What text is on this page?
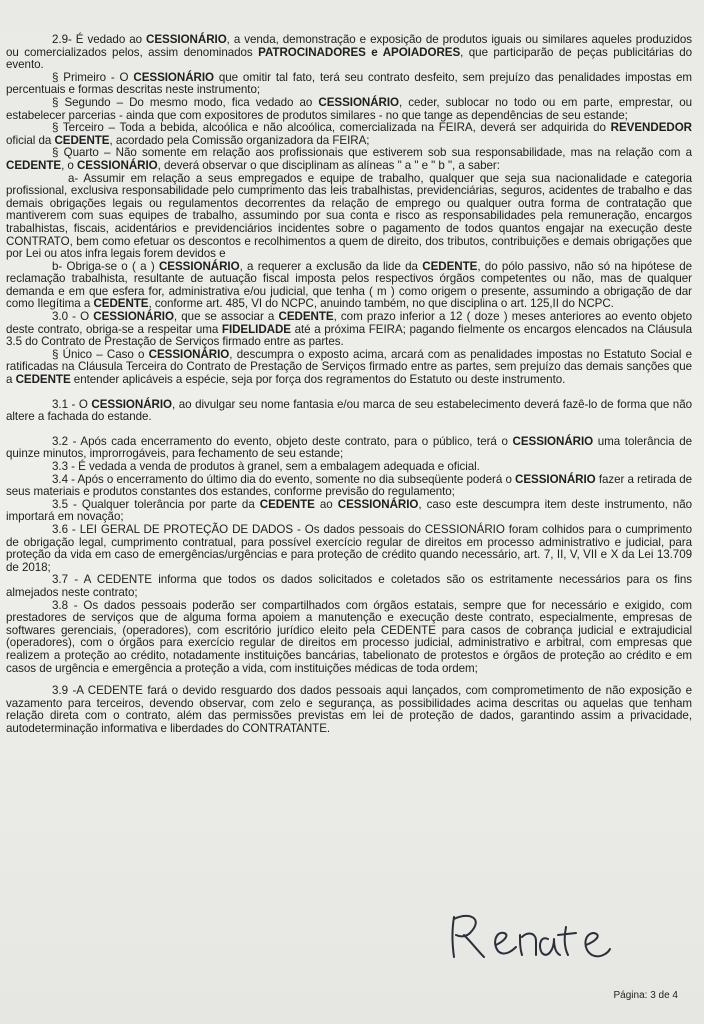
2.9- É vedado ao CESSIONÁRIO, a venda, demonstração e exposição de produtos iguais ou similares aqueles produzidos ou comercializados pelos, assim denominados PATROCINADORES e APOIADORES, que participarão de peças publicitárias do evento.

§ Primeiro - O CESSIONÁRIO que omitir tal fato, terá seu contrato desfeito, sem prejuízo das penalidades impostas em percentuais e formas descritas neste instrumento;

§ Segundo – Do mesmo modo, fica vedado ao CESSIONÁRIO, ceder, sublocar no todo ou em parte, emprestar, ou estabelecer parcerias - ainda que com expositores de produtos similares - no que tange as dependências de seu estande;

§ Terceiro – Toda a bebida, alcoólica e não alcoólica, comercializada na FEIRA, deverá ser adquirida do REVENDEDOR oficial da CEDENTE, acordado pela Comissão organizadora da FEIRA;

§ Quarto – Não somente em relação aos profissionais que estiverem sob sua responsabilidade, mas na relação com a CEDENTE, o CESSIONÁRIO, deverá observar o que disciplinam as alíneas " a " e " b ", a saber:

a- Assumir em relação a seus empregados e equipe de trabalho, qualquer que seja sua nacionalidade e categoria profissional, exclusiva responsabilidade pelo cumprimento das leis trabalhistas, previdenciárias, seguros, acidentes de trabalho e das demais obrigações legais ou regulamentos decorrentes da relação de emprego ou qualquer outra forma de contratação que mantiverem com suas equipes de trabalho, assumindo por sua conta e risco as responsabilidades pela remuneração, encargos trabalhistas, fiscais, acidentários e previdenciários incidentes sobre o pagamento de todos quantos engajar na execução deste CONTRATO, bem como efetuar os descontos e recolhimentos a quem de direito, dos tributos, contribuições e demais obrigações que por Lei ou atos infra legais forem devidos e

b- Obriga-se o ( a ) CESSIONÁRIO, a requerer a exclusão da lide da CEDENTE, do pólo passivo, não só na hipótese de reclamação trabalhista, resultante de autuação fiscal imposta pelos respectivos órgãos competentes ou não, mas de qualquer demanda e em que esfera for, administrativa e/ou judicial, que tenha ( m ) como origem o presente, assumindo a obrigação de dar como Ilegítima a CEDENTE, conforme art. 485, VI do NCPC, anuindo também, no que disciplina o art. 125,II do NCPC.

3.0 - O CESSIONÁRIO, que se associar a CEDENTE, com prazo inferior a 12 ( doze ) meses anteriores ao evento objeto deste contrato, obriga-se a respeitar uma FIDELIDADE até a próxima FEIRA; pagando fielmente os encargos elencados na Cláusula 3.5 do Contrato de Prestação de Serviços firmado entre as partes.

§ Único – Caso o CESSIONÁRIO, descumpra o exposto acima, arcará com as penalidades impostas no Estatuto Social e ratificadas na Cláusula Terceira do Contrato de Prestação de Serviços firmado entre as partes, sem prejuízo das demais sanções que a CEDENTE entender aplicáveis a espécie, seja por força dos regramentos do Estatuto ou deste instrumento.

3.1 - O CESSIONÁRIO, ao divulgar seu nome fantasia e/ou marca de seu estabelecimento deverá fazê-lo de forma que não altere a fachada do estande.

3.2 - Após cada encerramento do evento, objeto deste contrato, para o público, terá o CESSIONÁRIO uma tolerância de quinze minutos, improrrogáveis, para fechamento de seu estande;

3.3 - É vedada a venda de produtos à granel, sem a embalagem adequada e oficial.

3.4 - Após o encerramento do último dia do evento, somente no dia subseqüente poderá o CESSIONÁRIO fazer a retirada de seus materiais e produtos constantes dos estandes, conforme previsão do regulamento;

3.5 - Qualquer tolerância por parte da CEDENTE ao CESSIONÁRIO, caso este descumpra item deste instrumento, não importará em novação;

3.6 - LEI GERAL DE PROTEÇÃO DE DADOS - Os dados pessoais do CESSIONÁRIO foram colhidos para o cumprimento de obrigação legal, cumprimento contratual, para possível exercício regular de direitos em processo administrativo e judicial, para proteção da vida em caso de emergências/urgências e para proteção de crédito quando necessário, art. 7, II, V, VII e X da Lei 13.709 de 2018;

3.7 - A CEDENTE informa que todos os dados solicitados e coletados são os estritamente necessários para os fins almejados neste contrato;

3.8 - Os dados pessoais poderão ser compartilhados com órgãos estatais, sempre que for necessário e exigido, com prestadores de serviços que de alguma forma apoiem a manutenção e execução deste contrato, especialmente, empresas de softwares gerenciais, (operadores), com escritório jurídico eleito pela CEDENTE para casos de cobrança judicial e extrajudicial (operadores), com o órgãos para exercício regular de direitos em processo judicial, administrativo e arbitral, com empresas que realizem a proteção ao crédito, notadamente instituições bancárias, tabelionato de protestos e órgãos de proteção ao crédito e em casos de urgência e emergência a proteção a vida, com instituições médicas de toda ordem;

3.9 -A CEDENTE fará o devido resguardo dos dados pessoais aqui lançados, com comprometimento de não exposição e vazamento para terceiros, devendo observar, com zelo e segurança, as possibilidades acima descritas ou aquelas que tenham relação direta com o contrato, além das permissões previstas em lei de proteção de dados, garantindo assim a privacidade, autodeterminação informativa e liberdades do CONTRATANTE.

Página: 3 de 4
